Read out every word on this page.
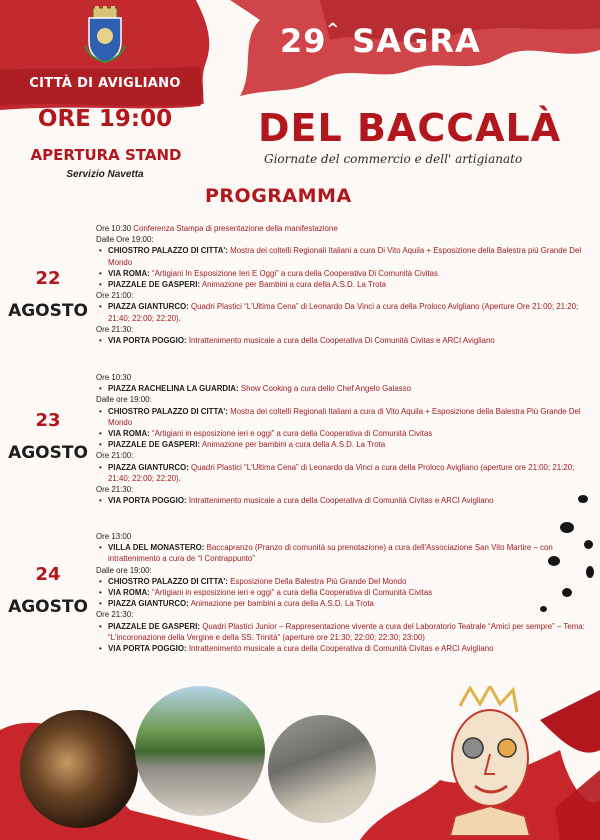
CITTÀ DI AVIGLIANO
ORE 19:00
APERTURA STAND
Servizio Navetta
29^ SAGRA
DEL BACCALÀ
Giornate del commercio e dell' artigianato
PROGRAMMA
22
AGOSTO
23
AGOSTO
24
AGOSTO
Ore 10:30 Conferenza Stampa di presentazione della manifestazione
Dalle Ore 19:00:
• CHIOSTRO PALAZZO DI CITTA': Mostra dei coltelli Regionali Italiani a cura Di Vito Aquila + Esposizione della Balestra più Grande Del Mondo
• VIA ROMA: “Artigiani In Esposizione Ieri E Oggi” a cura della Cooperativa Di Comunità Civitas
• PIAZZALE DE GASPERI: Animazione per Bambini a cura della A.S.D. La Trota
Ore 21:00:
• PIAZZA GIANTURCO: Quadri Plastici “L'Ultima Cena” di Leonardo Da Vinci a cura della Proloco Avigliano (Aperture Ore 21:00; 21:20; 21:40; 22:00; 22:20).
Ore 21:30:
• VIA PORTA POGGIO: Intrattenimento musicale a cura della Cooperativa Di Comunità Civitas e ARCI Avigliano
Ore 10:30
• PIAZZA RACHELINA LA GUARDIA: Show Cooking a cura dello Chef Angelo Galasso
Dalle ore 19:00:
• CHIOSTRO PALAZZO DI CITTA': Mostra dei coltelli Regionali Italiani a cura di Vito Aquila + Esposizione della Balestra Più Grande Del Mondo
• VIA ROMA: “Artigiani in esposizione ieri e oggi” a cura della Cooperativa di Comunità Civitas
• PIAZZALE DE GASPERI: Animazione per bambini a cura della A.S.D. La Trota
Ore 21:00:
• PIAZZA GIANTURCO: Quadri Plastici “L'Ultima Cena” di Leonardo da Vinci a cura della Proloco Avigliano (aperture ore 21:00; 21:20; 21:40; 22:00; 22:20).
Ore 21:30:
• VIA PORTA POGGIO: Intrattenimento musicale a cura della Cooperativa di Comunità Civitas e ARCI Avigliano
Ore 13:00
• VILLA DEL MONASTERO: Baccapranzo (Pranzo di comunità su prenotazione) a cura dell'Associazione San Vito Martire – con intrattenimento a cura de “I Contrappunto”
Dalle ore 19:00:
• CHIOSTRO PALAZZO DI CITTA': Esposizione Della Balestra Più Grande Del Mondo
• VIA ROMA: “Artigiani in esposizione ieri e oggi” a cura della Cooperativa di Comunità Civitas
• PIAZZA GIANTURCO: Animazione per bambini a cura della A.S.D. La Trota
Ore 21:30:
• PIAZZALE DE GASPERI: Quadri Plastici Junior – Rappresentazione vivente a cura del Laboratorio Teatrale “Amici per sempre” – Tema: “L'incoronazione della Vergine e della SS. Trinità” (aperture ore 21:30; 22:00; 22:30; 23:00)
• VIA PORTA POGGIO: Intrattenimento musicale a cura della Cooperativa di Comunità Civitas e ARCI Avigliano
